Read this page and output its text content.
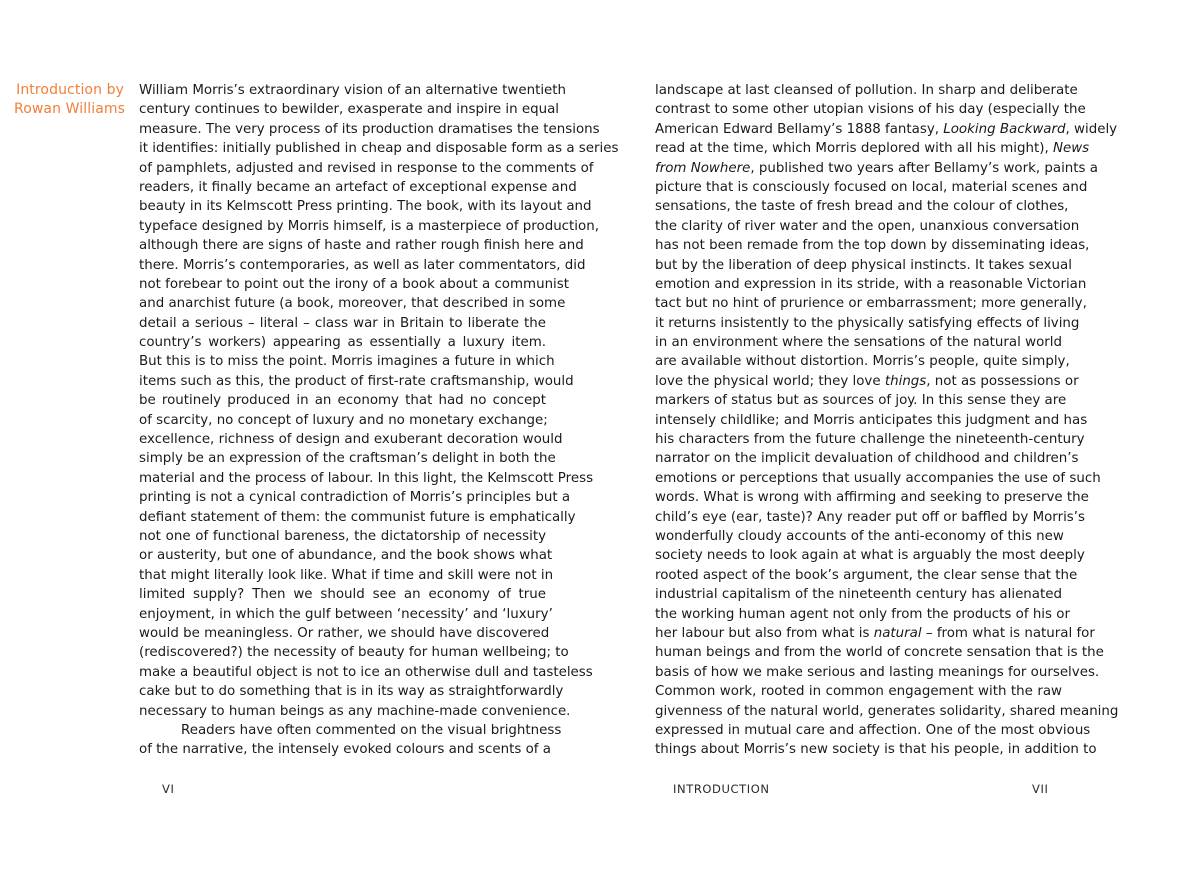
Introduction by
Rowan Williams
William Morris’s extraordinary vision of an alternative twentieth
century continues to bewilder, exasperate and inspire in equal
measure. The very process of its production dramatises the tensions
it identifies: initially published in cheap and disposable form as a series
of pamphlets, adjusted and revised in response to the comments of
readers, it finally became an artefact of exceptional expense and
beauty in its Kelmscott Press printing. The book, with its layout and
typeface designed by Morris himself, is a masterpiece of production,
although there are signs of haste and rather rough finish here and
there. Morris’s contemporaries, as well as later commentators, did
not forebear to point out the irony of a book about a communist
and anarchist future (a book, moreover, that described in some
detail a serious – literal – class war in Britain to liberate the
country’s workers) appearing as essentially a luxury item.
But this is to miss the point. Morris imagines a future in which
items such as this, the product of first-rate craftsmanship, would
be routinely produced in an economy that had no concept
of scarcity, no concept of luxury and no monetary exchange;
excellence, richness of design and exuberant decoration would
simply be an expression of the craftsman’s delight in both the
material and the process of labour. In this light, the Kelmscott Press
printing is not a cynical contradiction of Morris’s principles but a
defiant statement of them: the communist future is emphatically
not one of functional bareness, the dictatorship of necessity
or austerity, but one of abundance, and the book shows what
that might literally look like. What if time and skill were not in
limited supply? Then we should see an economy of true
enjoyment, in which the gulf between ‘necessity’ and ‘luxury’
would be meaningless. Or rather, we should have discovered
(rediscovered?) the necessity of beauty for human wellbeing; to
make a beautiful object is not to ice an otherwise dull and tasteless
cake but to do something that is in its way as straightforwardly
necessary to human beings as any machine-made convenience.
Readers have often commented on the visual brightness
of the narrative, the intensely evoked colours and scents of a
landscape at last cleansed of pollution. In sharp and deliberate
contrast to some other utopian visions of his day (especially the
American Edward Bellamy’s 1888 fantasy, Looking Backward, widely
read at the time, which Morris deplored with all his might), News
from Nowhere, published two years after Bellamy’s work, paints a
picture that is consciously focused on local, material scenes and
sensations, the taste of fresh bread and the colour of clothes,
the clarity of river water and the open, unanxious conversation
has not been remade from the top down by disseminating ideas,
but by the liberation of deep physical instincts. It takes sexual
emotion and expression in its stride, with a reasonable Victorian
tact but no hint of prurience or embarrassment; more generally,
it returns insistently to the physically satisfying effects of living
in an environment where the sensations of the natural world
are available without distortion. Morris’s people, quite simply,
love the physical world; they love things, not as possessions or
markers of status but as sources of joy. In this sense they are
intensely childlike; and Morris anticipates this judgment and has
his characters from the future challenge the nineteenth-century
narrator on the implicit devaluation of childhood and children’s
emotions or perceptions that usually accompanies the use of such
words. What is wrong with affirming and seeking to preserve the
child’s eye (ear, taste)? Any reader put off or baffled by Morris’s
wonderfully cloudy accounts of the anti-economy of this new
society needs to look again at what is arguably the most deeply
rooted aspect of the book’s argument, the clear sense that the
industrial capitalism of the nineteenth century has alienated
the working human agent not only from the products of his or
her labour but also from what is natural – from what is natural for
human beings and from the world of concrete sensation that is the
basis of how we make serious and lasting meanings for ourselves.
Common work, rooted in common engagement with the raw
givenness of the natural world, generates solidarity, shared meaning
expressed in mutual care and affection. One of the most obvious
things about Morris’s new society is that his people, in addition to
VI	INTRODUCTION	VII
